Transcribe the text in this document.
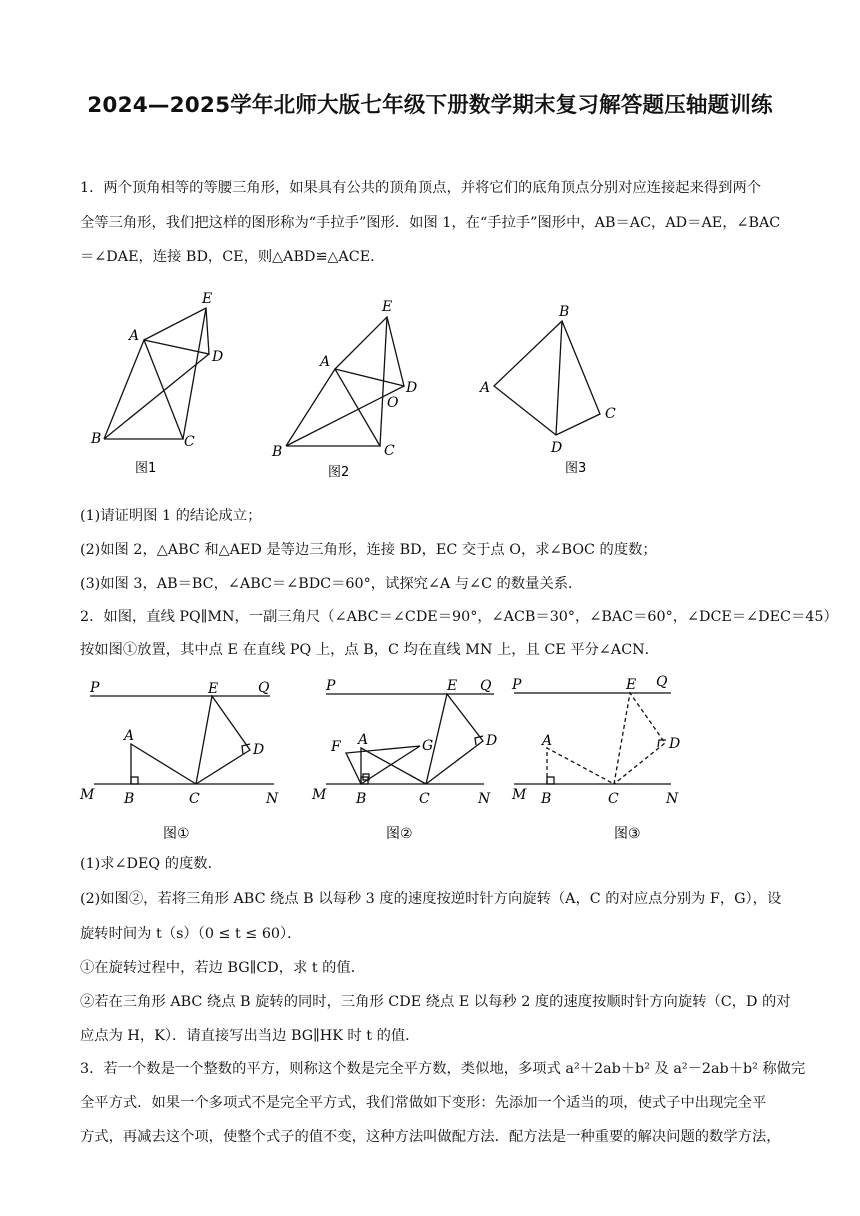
2024—2025学年北师大版七年级下册数学期末复习解答题压轴题训练
1．两个顶角相等的等腰三角形，如果具有公共的顶角顶点，并将它们的底角顶点分别对应连接起来得到两个
全等三角形，我们把这样的图形称为“手拉手”图形．如图 1，在“手拉手”图形中，AB＝AC，AD＝AE，∠BAC
＝∠DAE，连接 BD，CE，则△ABD≌△ACE．
A
B	C
D
E
图1
A
B	C
D
E
O
图2
B
A
D
C
图3
(1)请证明图 1 的结论成立；
(2)如图 2，△ABC 和△AED 是等边三角形，连接 BD，EC 交于点 O，求∠BOC 的度数；
(3)如图 3，AB＝BC，∠ABC＝∠BDC＝60°，试探究∠A 与∠C 的数量关系．
2．如图，直线 PQ∥MN，一副三角尺（∠ABC＝∠CDE＝90°，∠ACB＝30°，∠BAC＝60°，∠DCE＝∠DEC＝45）
按如图①放置，其中点 E 在直线 PQ 上，点 B，C 均在直线 MN 上，且 CE 平分∠ACN．
P	Q
E
A
D
M B	C	N
图①
P	Q
E
F A	G	D
M B	C	N
图②
P	Q
E
A	D
M B	C	N
图③
(1)求∠DEQ 的度数．
(2)如图②，若将三角形 ABC 绕点 B 以每秒 3 度的速度按逆时针方向旋转（A，C 的对应点分别为 F，G），设
旋转时间为 t（s）（0 ≤ t ≤ 60）．
①在旋转过程中，若边 BG∥CD，求 t 的值．
②若在三角形 ABC 绕点 B 旋转的同时，三角形 CDE 绕点 E 以每秒 2 度的速度按顺时针方向旋转（C，D 的对
应点为 H，K）．请直接写出当边 BG∥HK 时 t 的值．
3．若一个数是一个整数的平方，则称这个数是完全平方数，类似地，多项式 a²＋2ab＋b² 及 a²－2ab＋b² 称做完
全平方式．如果一个多项式不是完全平方式，我们常做如下变形：先添加一个适当的项，使式子中出现完全平
方式，再减去这个项，使整个式子的值不变，这种方法叫做配方法．配方法是一种重要的解决问题的数学方法，
